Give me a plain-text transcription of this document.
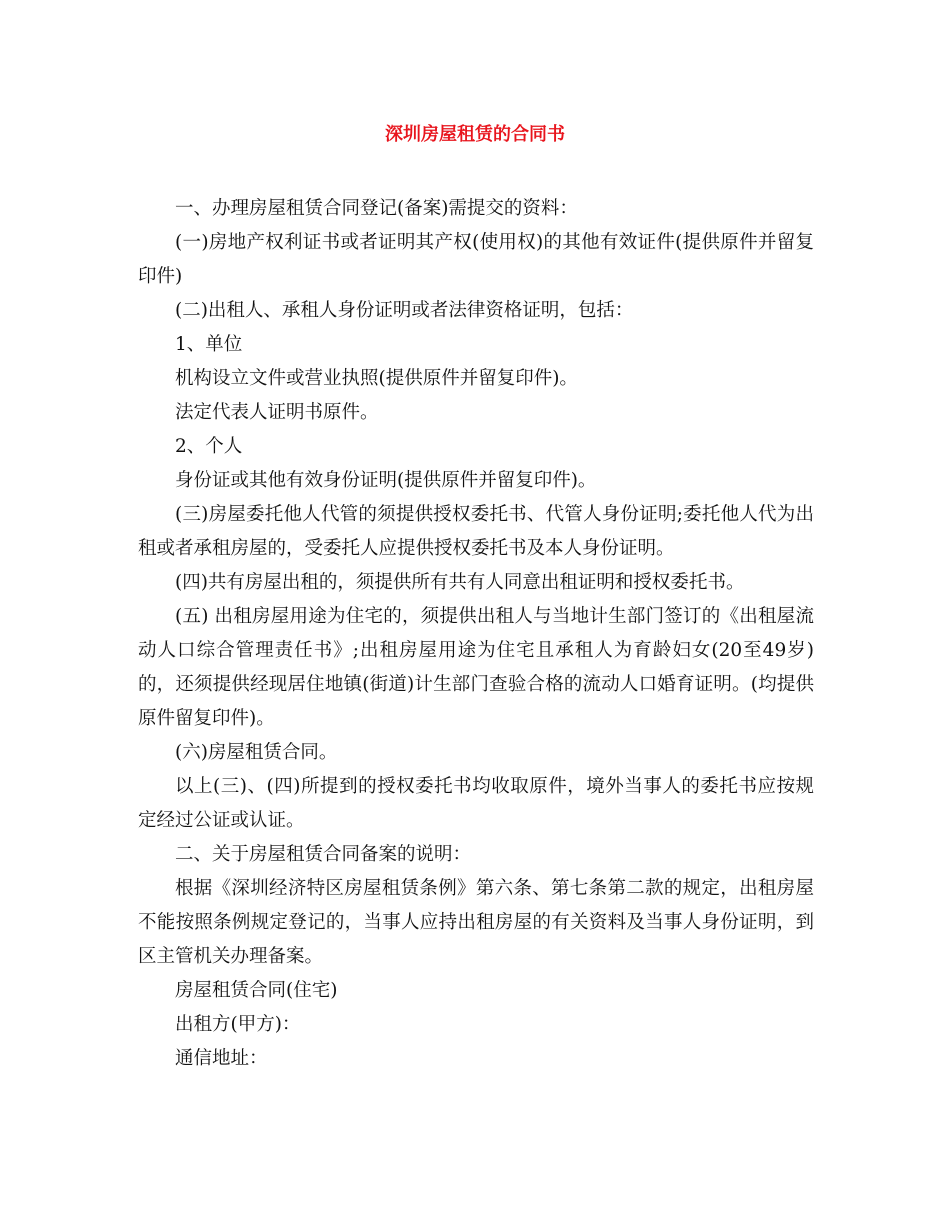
深圳房屋租赁的合同书

一、办理房屋租赁合同登记(备案)需提交的资料：

(一)房地产权利证书或者证明其产权(使用权)的其他有效证件(提供原件并留复印件)

(二)出租人、承租人身份证明或者法律资格证明，包括：

1、单位

机构设立文件或营业执照(提供原件并留复印件)。

法定代表人证明书原件。

2、个人

身份证或其他有效身份证明(提供原件并留复印件)。

(三)房屋委托他人代管的须提供授权委托书、代管人身份证明;委托他人代为出租或者承租房屋的，受委托人应提供授权委托书及本人身份证明。

(四)共有房屋出租的，须提供所有共有人同意出租证明和授权委托书。

(五) 出租房屋用途为住宅的，须提供出租人与当地计生部门签订的《出租屋流动人口综合管理责任书》;出租房屋用途为住宅且承租人为育龄妇女(20至49岁)的，还须提供经现居住地镇(街道)计生部门查验合格的流动人口婚育证明。(均提供原件留复印件)。

(六)房屋租赁合同。

以上(三)、(四)所提到的授权委托书均收取原件，境外当事人的委托书应按规定经过公证或认证。

二、关于房屋租赁合同备案的说明：

根据《深圳经济特区房屋租赁条例》第六条、第七条第二款的规定，出租房屋不能按照条例规定登记的，当事人应持出租房屋的有关资料及当事人身份证明，到区主管机关办理备案。

房屋租赁合同(住宅)

出租方(甲方)：

通信地址：
